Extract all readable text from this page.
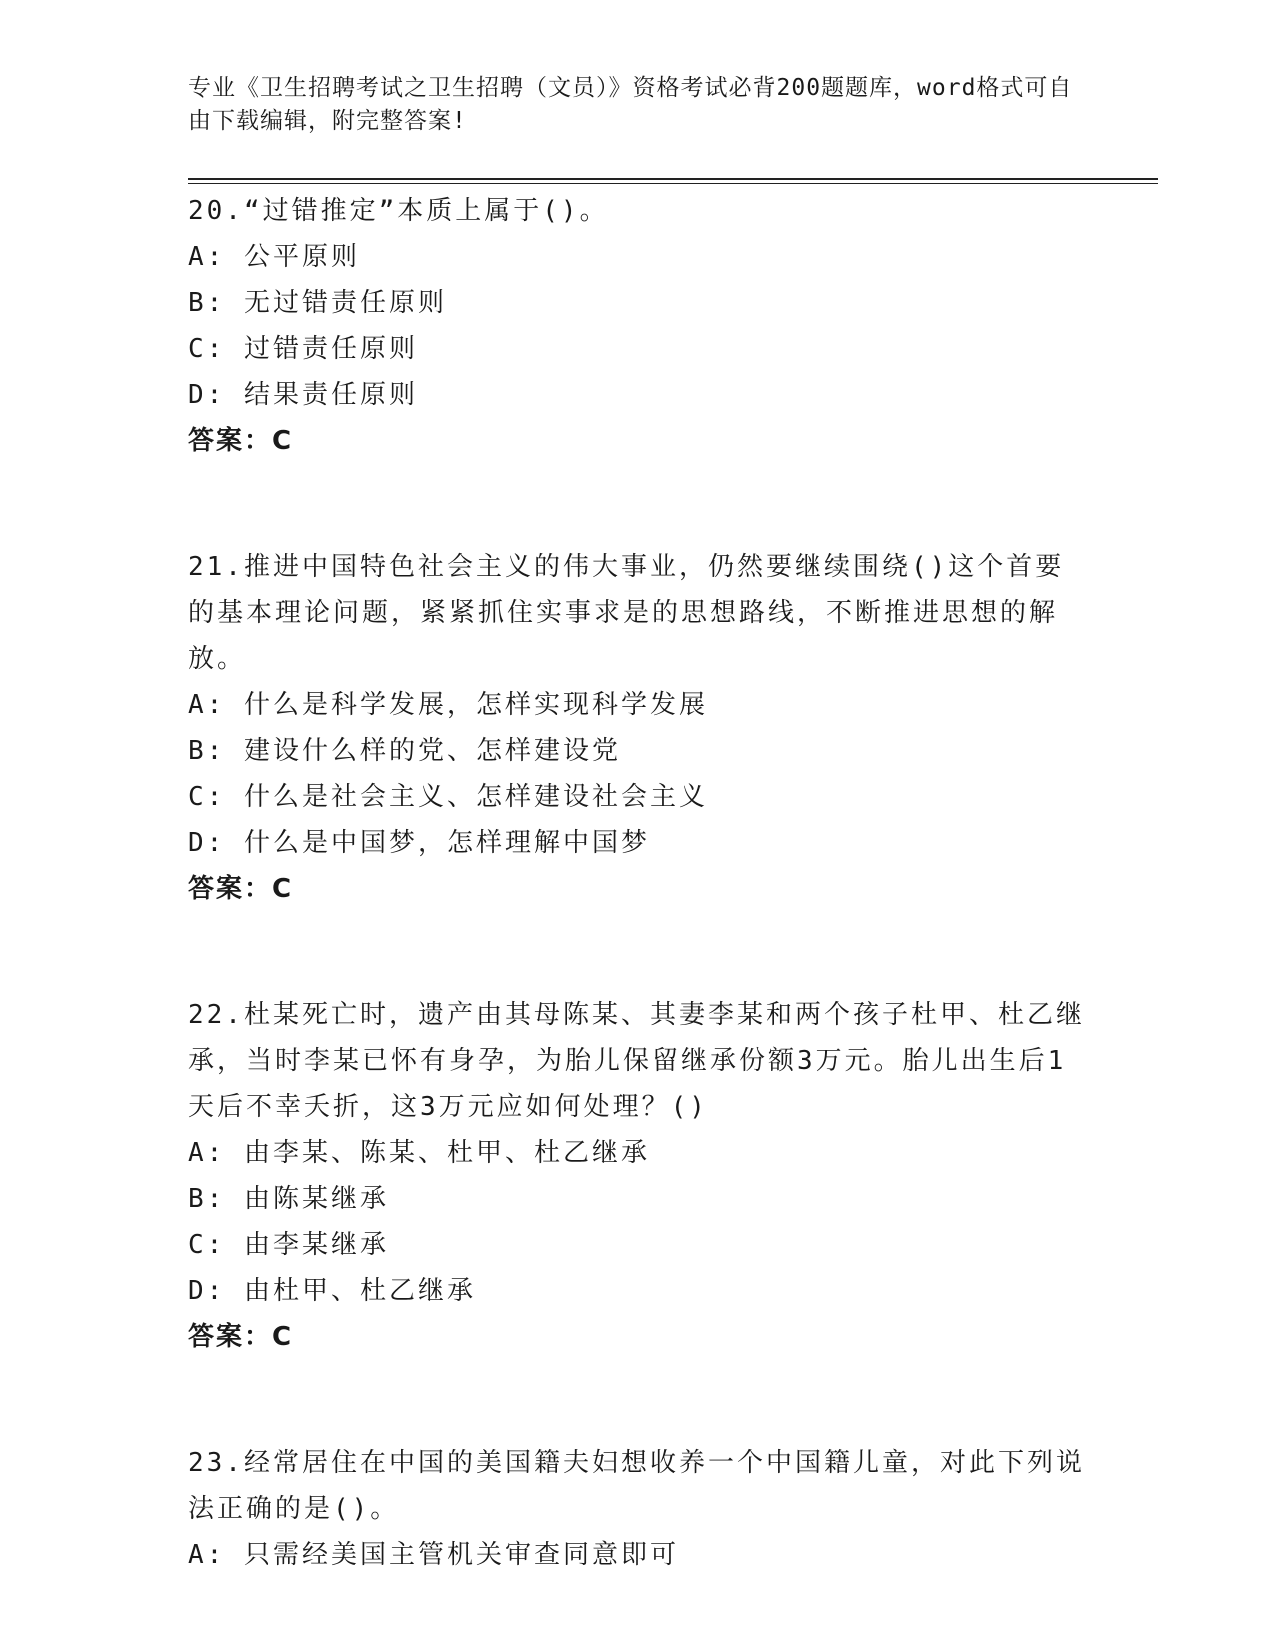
专业《卫生招聘考试之卫生招聘（文员）》资格考试必背200题题库，word格式可自由下载编辑，附完整答案!

20.“过错推定”本质上属于()。

A: 公平原则

B: 无过错责任原则

C: 过错责任原则

D: 结果责任原则

答案：C

21.推进中国特色社会主义的伟大事业，仍然要继续围绕()这个首要的基本理论问题，紧紧抓住实事求是的思想路线，不断推进思想的解放。

A: 什么是科学发展，怎样实现科学发展

B: 建设什么样的党、怎样建设党

C: 什么是社会主义、怎样建设社会主义

D: 什么是中国梦，怎样理解中国梦

答案：C

22.杜某死亡时，遗产由其母陈某、其妻李某和两个孩子杜甲、杜乙继承，当时李某已怀有身孕，为胎儿保留继承份额3万元。胎儿出生后1天后不幸夭折，这3万元应如何处理？()

A: 由李某、陈某、杜甲、杜乙继承

B: 由陈某继承

C: 由李某继承

D: 由杜甲、杜乙继承

答案：C

23.经常居住在中国的美国籍夫妇想收养一个中国籍儿童，对此下列说法正确的是()。

A: 只需经美国主管机关审查同意即可
